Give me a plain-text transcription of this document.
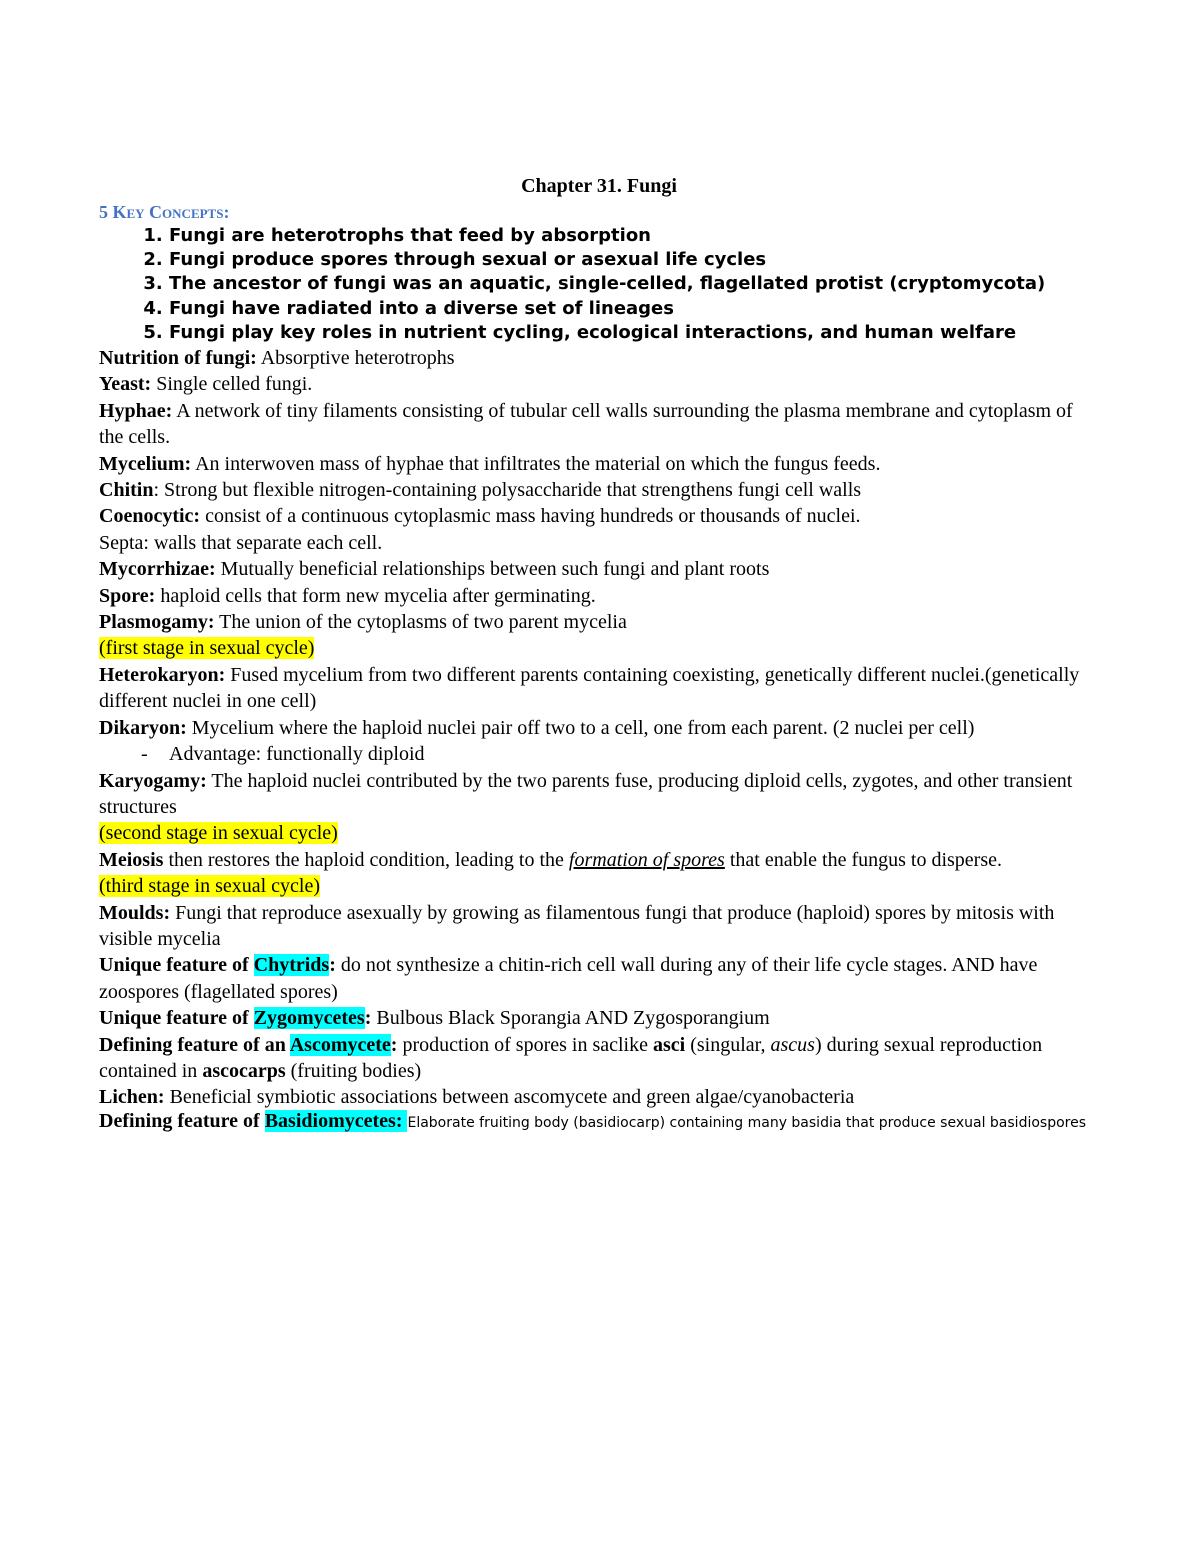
Chapter 31. Fungi
5 Key Concepts:
1. Fungi are heterotrophs that feed by absorption
2. Fungi produce spores through sexual or asexual life cycles
3. The ancestor of fungi was an aquatic, single-celled, flagellated protist (cryptomycota)
4. Fungi have radiated into a diverse set of lineages
5. Fungi play key roles in nutrient cycling, ecological interactions, and human welfare

Nutrition of fungi: Absorptive heterotrophs

Yeast: Single celled fungi.

Hyphae: A network of tiny filaments consisting of tubular cell walls surrounding the plasma membrane and cytoplasm of the cells.

Mycelium: An interwoven mass of hyphae that infiltrates the material on which the fungus feeds.

Chitin: Strong but flexible nitrogen-containing polysaccharide that strengthens fungi cell walls

Coenocytic: consist of a continuous cytoplasmic mass having hundreds or thousands of nuclei.

Septa: walls that separate each cell.

Mycorrhizae: Mutually beneficial relationships between such fungi and plant roots

Spore: haploid cells that form new mycelia after germinating.

Plasmogamy: The union of the cytoplasms of two parent mycelia

(first stage in sexual cycle)

Heterokaryon: Fused mycelium from two different parents containing coexisting, genetically different nuclei.(genetically different nuclei in one cell)

Dikaryon: Mycelium where the haploid nuclei pair off two to a cell, one from each parent. (2 nuclei per cell)

- Advantage: functionally diploid

Karyogamy: The haploid nuclei contributed by the two parents fuse, producing diploid cells, zygotes, and other transient structures

(second stage in sexual cycle)

Meiosis then restores the haploid condition, leading to the formation of spores that enable the fungus to disperse.

(third stage in sexual cycle)

Moulds: Fungi that reproduce asexually by growing as filamentous fungi that produce (haploid) spores by mitosis with visible mycelia

Unique feature of Chytrids: do not synthesize a chitin-rich cell wall during any of their life cycle stages. AND have zoospores (flagellated spores)

Unique feature of Zygomycetes: Bulbous Black Sporangia AND Zygosporangium

Defining feature of an Ascomycete: production of spores in saclike asci (singular, ascus) during sexual reproduction contained in ascocarps (fruiting bodies)

Lichen: Beneficial symbiotic associations between ascomycete and green algae/cyanobacteria

Defining feature of Basidiomycetes: Elaborate fruiting body (basidiocarp) containing many basidia that produce sexual basidiospores
